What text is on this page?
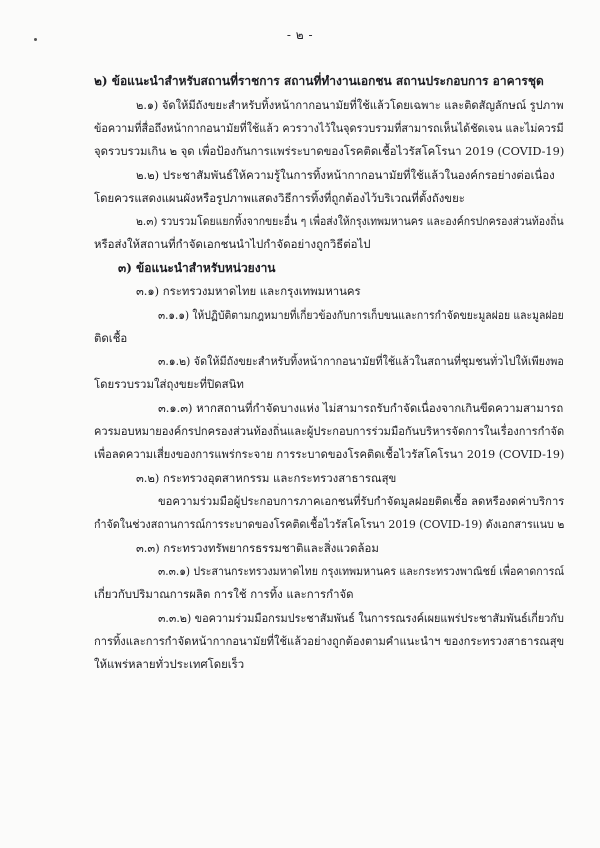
- ๒ -
๒) ข้อแนะนำสำหรับสถานที่ราชการ สถานที่ทำงานเอกชน สถานประกอบการ อาคารชุด
๒.๑) จัดให้มีถังขยะสำหรับทิ้งหน้ากากอนามัยที่ใช้แล้วโดยเฉพาะ และติดสัญลักษณ์ รูปภาพ
ข้อความที่สื่อถึงหน้ากากอนามัยที่ใช้แล้ว ควรวางไว้ในจุดรวบรวมที่สามารถเห็นได้ชัดเจน และไม่ควรมี
จุดรวบรวมเกิน ๒ จุด เพื่อป้องกันการแพร่ระบาดของโรคติดเชื้อไวรัสโคโรนา 2019 (COVID-19)
๒.๒) ประชาสัมพันธ์ให้ความรู้ในการทิ้งหน้ากากอนามัยที่ใช้แล้วในองค์กรอย่างต่อเนื่อง
โดยควรแสดงแผนผังหรือรูปภาพแสดงวิธีการทิ้งที่ถูกต้องไว้บริเวณที่ตั้งถังขยะ
๒.๓) รวบรวมโดยแยกทิ้งจากขยะอื่น ๆ เพื่อส่งให้กรุงเทพมหานคร และองค์กรปกครองส่วนท้องถิ่น
หรือส่งให้สถานที่กำจัดเอกชนนำไปกำจัดอย่างถูกวิธีต่อไป
๓) ข้อแนะนำสำหรับหน่วยงาน
๓.๑) กระทรวงมหาดไทย และกรุงเทพมหานคร
๓.๑.๑) ให้ปฏิบัติตามกฎหมายที่เกี่ยวข้องกับการเก็บขนและการกำจัดขยะมูลฝอย และมูลฝอย
ติดเชื้อ
๓.๑.๒) จัดให้มีถังขยะสำหรับทิ้งหน้ากากอนามัยที่ใช้แล้วในสถานที่ชุมชนทั่วไปให้เพียงพอ
โดยรวบรวมใส่ถุงขยะที่ปิดสนิท
๓.๑.๓) หากสถานที่กำจัดบางแห่ง ไม่สามารถรับกำจัดเนื่องจากเกินขีดความสามารถ
ควรมอบหมายองค์กรปกครองส่วนท้องถิ่นและผู้ประกอบการร่วมมือกันบริหารจัดการในเรื่องการกำจัด
เพื่อลดความเสี่ยงของการแพร่กระจาย การระบาดของโรคติดเชื้อไวรัสโคโรนา 2019 (COVID-19)
๓.๒) กระทรวงอุตสาหกรรม และกระทรวงสาธารณสุข
ขอความร่วมมือผู้ประกอบการภาคเอกชนที่รับกำจัดมูลฝอยติดเชื้อ ลดหรืองดค่าบริการ
กำจัดในช่วงสถานการณ์การระบาดของโรคติดเชื้อไวรัสโคโรนา 2019 (COVID-19) ดังเอกสารแนบ ๒
๓.๓) กระทรวงทรัพยากรธรรมชาติและสิ่งแวดล้อม
๓.๓.๑) ประสานกระทรวงมหาดไทย กรุงเทพมหานคร และกระทรวงพาณิชย์ เพื่อคาดการณ์
เกี่ยวกับปริมาณการผลิต การใช้ การทิ้ง และการกำจัด
๓.๓.๒) ขอความร่วมมือกรมประชาสัมพันธ์ ในการรณรงค์เผยแพร่ประชาสัมพันธ์เกี่ยวกับ
การทิ้งและการกำจัดหน้ากากอนามัยที่ใช้แล้วอย่างถูกต้องตามคำแนะนำฯ ของกระทรวงสาธารณสุข
ให้แพร่หลายทั่วประเทศโดยเร็ว
